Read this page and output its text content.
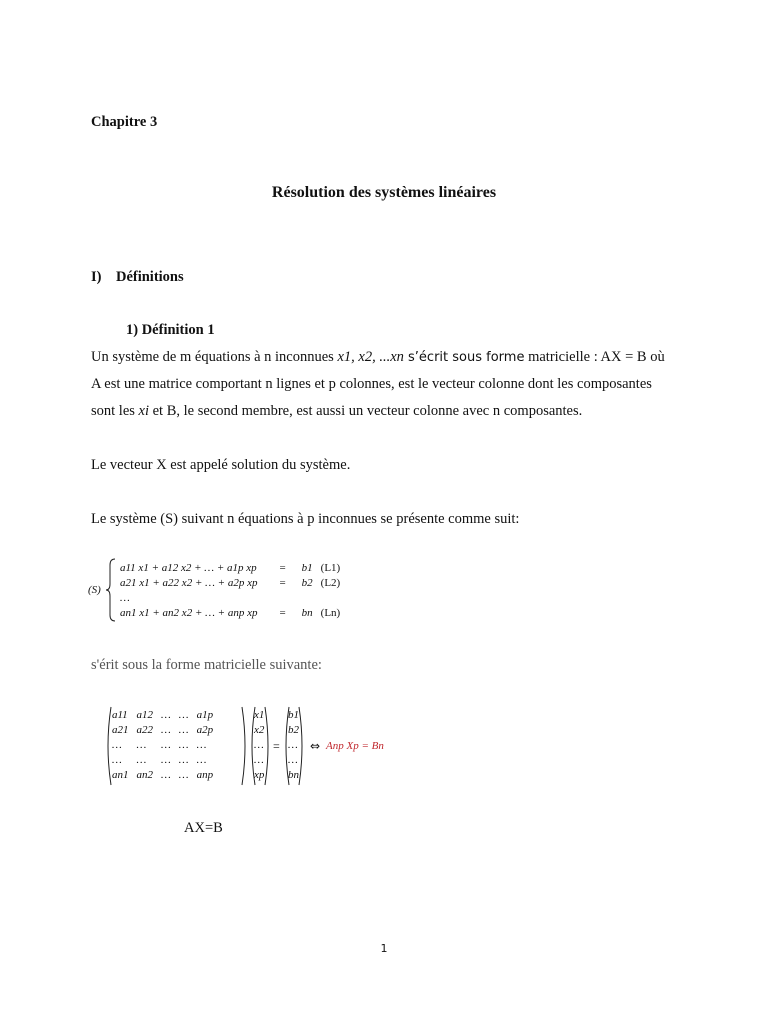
Chapitre 3
Résolution des systèmes linéaires
I)    Définitions
1) Définition 1
Un système de m équations à n inconnues x1, x2, ...xn s’écrit sous forme matricielle : AX = B où
A est une matrice comportant n lignes et p colonnes, est le vecteur colonne dont les composantes
sont les xi et B, le second membre, est aussi un vecteur colonne avec n composantes.
Le vecteur X est appelé solution du système.
Le système (S) suivant n équations à p inconnues se présente comme suit:
(S)
a11 x1 + a12 x2 + … + a1p xp	=	b1	(L1)
a21 x1 + a22 x2 + … + a2p xp	=	b2	(L2)
…			
an1 x1 + an2 x2 + … + anp xp	=	bn	(Ln)
s'érit sous la forme matricielle suivante:
a11	a12	…	…	a1p
a21	a22	…	…	a2p
…	…	…	…	…
…	…	…	…	…
an1	an2	…	…	anp
x1
x2
…
…
xp
=
b1
b2
…
…
bn
⇔ Anp Xp = Bn
AX=B
1
